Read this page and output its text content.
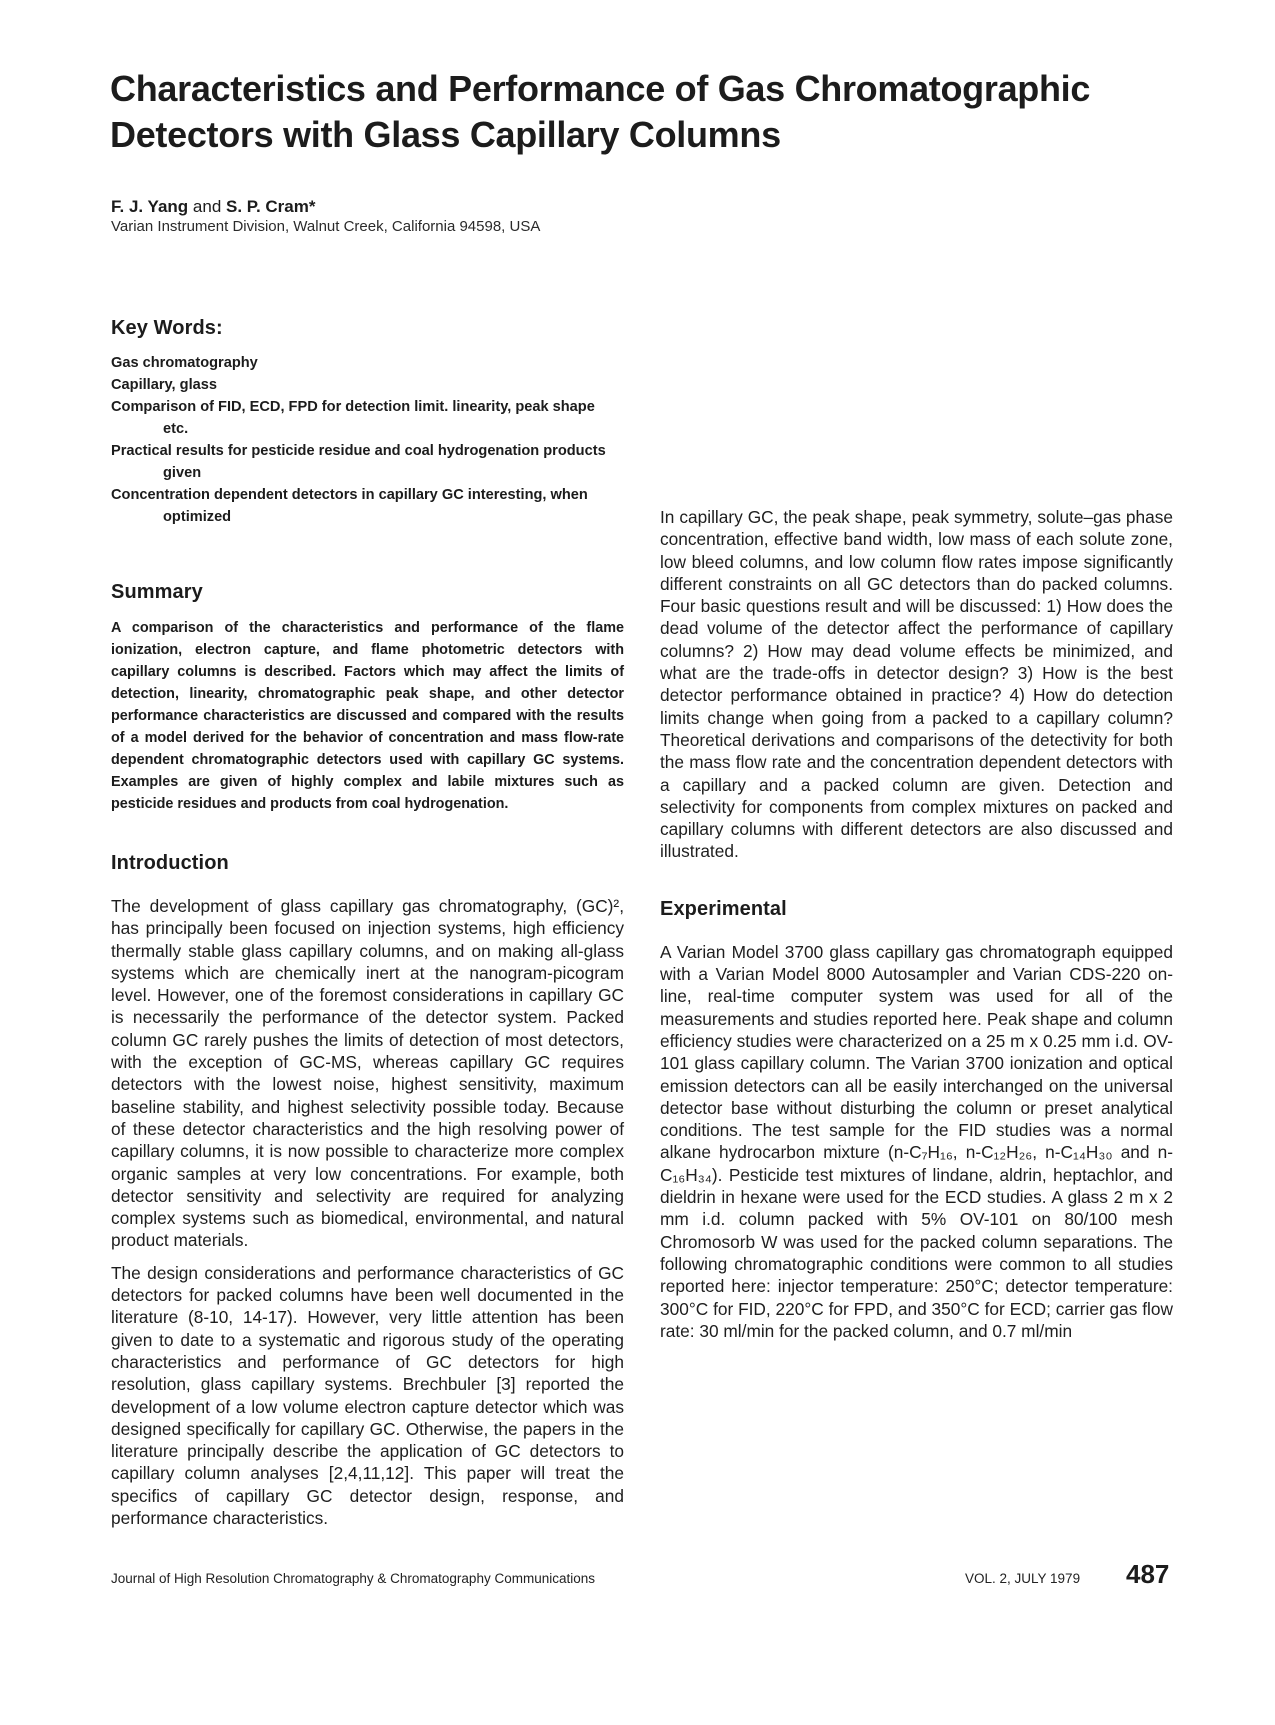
Characteristics and Performance of Gas Chromatographic Detectors with Glass Capillary Columns
F. J. Yang and S. P. Cram*
Varian Instrument Division, Walnut Creek, California 94598, USA
Key Words:
Gas chromatography
Capillary, glass
Comparison of FID, ECD, FPD for detection limit. linearity, peak shape etc.
Practical results for pesticide residue and coal hydrogenation products given
Concentration dependent detectors in capillary GC interesting, when optimized
Summary

A comparison of the characteristics and performance of the flame ionization, electron capture, and flame photometric detectors with capillary columns is described. Factors which may affect the limits of detection, linearity, chromatographic peak shape, and other detector performance characteristics are discussed and compared with the results of a model derived for the behavior of concentration and mass flow-rate dependent chromatographic detectors used with capillary GC systems. Examples are given of highly complex and labile mixtures such as pesticide residues and products from coal hydrogenation.

Introduction

The development of glass capillary gas chromatography, (GC)², has principally been focused on injection systems, high efficiency thermally stable glass capillary columns, and on making all-glass systems which are chemically inert at the nanogram-picogram level. However, one of the foremost considerations in capillary GC is necessarily the performance of the detector system. Packed column GC rarely pushes the limits of detection of most detectors, with the exception of GC-MS, whereas capillary GC requires detectors with the lowest noise, highest sensitivity, maximum baseline stability, and highest selectivity possible today. Because of these detector characteristics and the high resolving power of capillary columns, it is now possible to characterize more complex organic samples at very low concentrations. For example, both detector sensitivity and selectivity are required for analyzing complex systems such as biomedical, environmental, and natural product materials.

The design considerations and performance characteristics of GC detectors for packed columns have been well documented in the literature (8-10, 14-17). However, very little attention has been given to date to a systematic and rigorous study of the operating characteristics and performance of GC detectors for high resolution, glass capillary systems. Brechbuler [3] reported the development of a low volume electron capture detector which was designed specifically for capillary GC. Otherwise, the papers in the literature principally describe the application of GC detectors to capillary column analyses [2,4,11,12]. This paper will treat the specifics of capillary GC detector design, response, and performance characteristics.

In capillary GC, the peak shape, peak symmetry, solute–gas phase concentration, effective band width, low mass of each solute zone, low bleed columns, and low column flow rates impose significantly different constraints on all GC detectors than do packed columns. Four basic questions result and will be discussed: 1) How does the dead volume of the detector affect the performance of capillary columns? 2) How may dead volume effects be minimized, and what are the trade-offs in detector design? 3) How is the best detector performance obtained in practice? 4) How do detection limits change when going from a packed to a capillary column? Theoretical derivations and comparisons of the detectivity for both the mass flow rate and the concentration dependent detectors with a capillary and a packed column are given. Detection and selectivity for components from complex mixtures on packed and capillary columns with different detectors are also discussed and illustrated.

Experimental

A Varian Model 3700 glass capillary gas chromatograph equipped with a Varian Model 8000 Autosampler and Varian CDS-220 on-line, real-time computer system was used for all of the measurements and studies reported here. Peak shape and column efficiency studies were characterized on a 25 m x 0.25 mm i.d. OV-101 glass capillary column. The Varian 3700 ionization and optical emission detectors can all be easily interchanged on the universal detector base without disturbing the column or preset analytical conditions. The test sample for the FID studies was a normal alkane hydrocarbon mixture (n-C₇H₁₆, n-C₁₂H₂₆, n-C₁₄H₃₀ and n-C₁₆H₃₄). Pesticide test mixtures of lindane, aldrin, heptachlor, and dieldrin in hexane were used for the ECD studies. A glass 2 m x 2 mm i.d. column packed with 5% OV-101 on 80/100 mesh Chromosorb W was used for the packed column separations. The following chromatographic conditions were common to all studies reported here: injector temperature: 250°C; detector temperature: 300°C for FID, 220°C for FPD, and 350°C for ECD; carrier gas flow rate: 30 ml/min for the packed column, and 0.7 ml/min

Journal of High Resolution Chromatography & Chromatography Communications	VOL. 2, JULY 1979 487
